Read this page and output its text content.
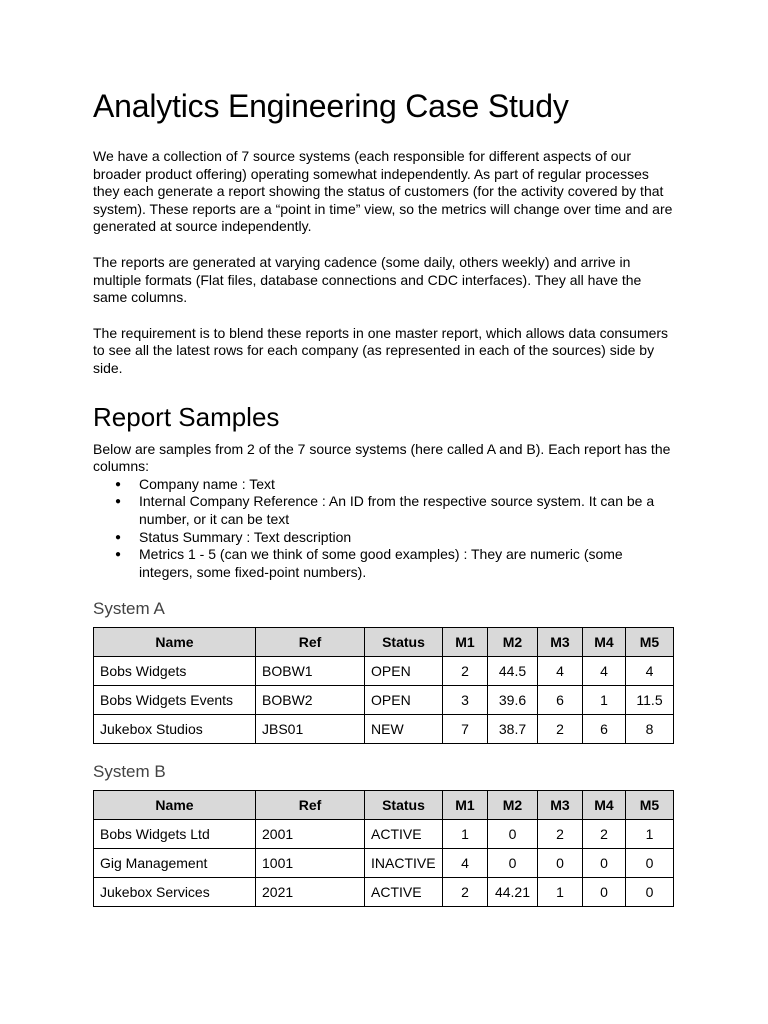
Analytics Engineering Case Study

We have a collection of 7 source systems (each responsible for different aspects of our broader product offering) operating somewhat independently. As part of regular processes they each generate a report showing the status of customers (for the activity covered by that system). These reports are a “point in time” view, so the metrics will change over time and are generated at source independently.

The reports are generated at varying cadence (some daily, others weekly) and arrive in multiple formats (Flat files, database connections and CDC interfaces). They all have the same columns.

The requirement is to blend these reports in one master report, which allows data consumers to see all the latest rows for each company (as represented in each of the sources) side by side.

Report Samples

Below are samples from 2 of the 7 source systems (here called A and B). Each report has the columns:

● Company name : Text
● Internal Company Reference : An ID from the respective source system. It can be a number, or it can be text
● Status Summary : Text description
● Metrics 1 - 5 (can we think of some good examples) : They are numeric (some integers, some fixed-point numbers).
System A
Name	Ref	Status	M1	M2	M3	M4	M5
Bobs Widgets	BOBW1	OPEN	2	44.5	4	4	4
Bobs Widgets Events	BOBW2	OPEN	3	39.6	6	1	11.5
Jukebox Studios	JBS01	NEW	7	38.7	2	6	8
System B
Name	Ref	Status	M1	M2	M3	M4	M5
Bobs Widgets Ltd	2001	ACTIVE	1	0	2	2	1
Gig Management	1001	INACTIVE	4	0	0	0	0
Jukebox Services	2021	ACTIVE	2	44.21	1	0	0
